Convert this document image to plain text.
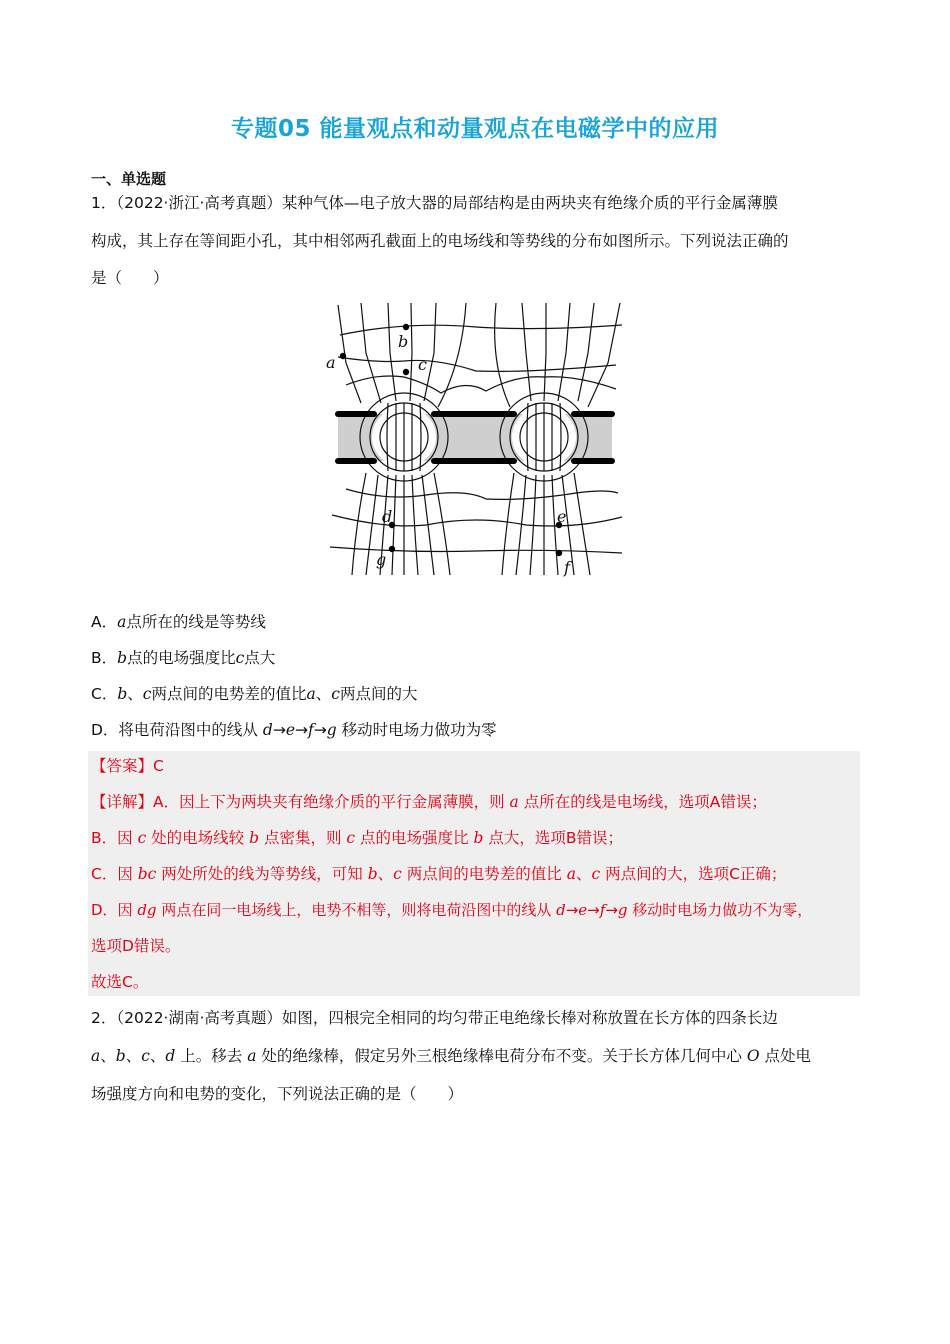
专题05 能量观点和动量观点在电磁学中的应用
一、单选题
1．（2022·浙江·高考真题）某种气体—电子放大器的局部结构是由两块夹有绝缘介质的平行金属薄膜
构成，其上存在等间距小孔，其中相邻两孔截面上的电场线和等势线的分布如图所示。下列说法正确的
是（　　）
a
b
c
d	e
f
g
A．a点所在的线是等势线
B．b点的电场强度比c点大
C．b、c两点间的电势差的值比a、c两点间的大
D．将电荷沿图中的线从 d→e→f→g 移动时电场力做功为零
【答案】C
【详解】A．因上下为两块夹有绝缘介质的平行金属薄膜，则 a 点所在的线是电场线，选项A错误；
B．因 c 处的电场线较 b 点密集，则 c 点的电场强度比 b 点大，选项B错误；
C．因 bc 两处所处的线为等势线，可知 b、c 两点间的电势差的值比 a、c 两点间的大，选项C正确；
D．因 dg 两点在同一电场线上，电势不相等，则将电荷沿图中的线从 d→e→f→g 移动时电场力做功不为零，
选项D错误。
故选C。
2．（2022·湖南·高考真题）如图，四根完全相同的均匀带正电绝缘长棒对称放置在长方体的四条长边
a、b、c、d 上。移去 a 处的绝缘棒，假定另外三根绝缘棒电荷分布不变。关于长方体几何中心 O 点处电
场强度方向和电势的变化，下列说法正确的是（　　）
